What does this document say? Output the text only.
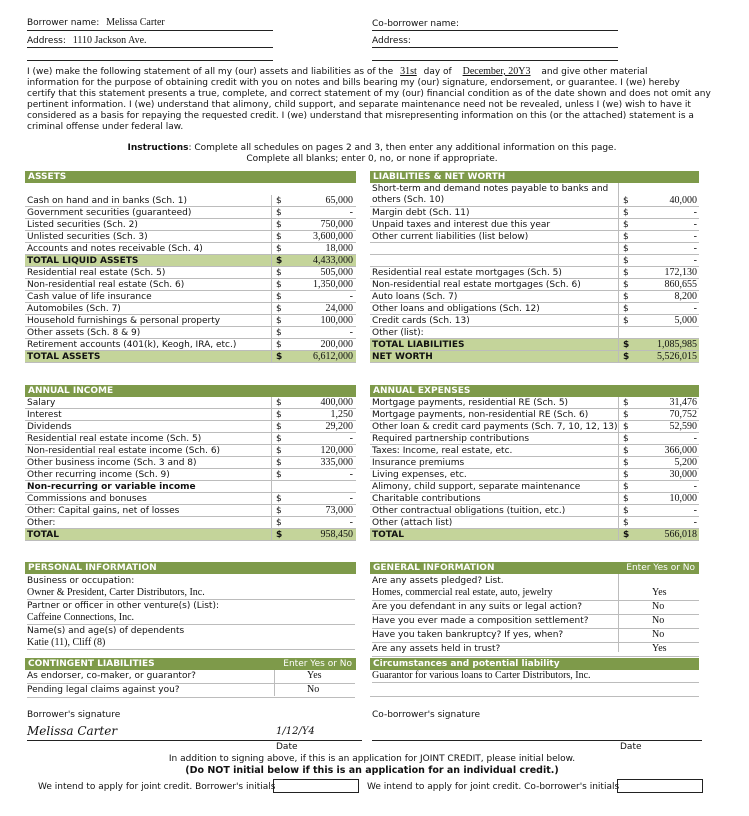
Borrower name: Melissa Carter
Address: 1110 Jackson Ave.
Co-borrower name:
Address:
I (we) make the following statement of all my (our) assets and liabilities as of the 31st day of December, 20Y3 and give other material
information for the purpose of obtaining credit with you on notes and bills bearing my (our) signature, endorsement, or guarantee. I (we) hereby
certify that this statement presents a true, complete, and correct statement of my (our) financial condition as of the date shown and does not omit any
pertinent information. I (we) understand that alimony, child support, and separate maintenance need not be revealed, unless I (we) wish to have it
considered as a basis for repaying the requested credit. I (we) understand that misrepresenting information on this (or the attached) statement is a
criminal offense under federal law.
Instructions: Complete all schedules on pages 2 and 3, then enter any additional information on this page.
Complete all blanks; enter 0, no, or none if appropriate.
ASSETS	LIABILITIES & NET WORTH
Cash on hand and in banks (Sch. 1)	$	65,000
Government securities (guaranteed)	$	-
Listed securities (Sch. 2)	$	750,000
Unlisted securities (Sch. 3)	$	3,600,000
Accounts and notes receivable (Sch. 4)	$	18,000
TOTAL LIQUID ASSETS	$	4,433,000
Residential real estate (Sch. 5)	$	505,000
Non-residential real estate (Sch. 6)	$	1,350,000
Cash value of life insurance	$	-
Automobiles (Sch. 7)	$	24,000
Household furnishings & personal property	$	100,000
Other assets (Sch. 8 & 9)	$	-
Retirement accounts (401(k), Keogh, IRA, etc.)	$	200,000
TOTAL ASSETS	$	6,612,000
Short-term and demand notes payable to banks and others (Sch. 10)	$	40,000
Margin debt (Sch. 11)	$	-
Unpaid taxes and interest due this year	$	-
Other current liabilities (list below)	$	-
$	-
$	-
Residential real estate mortgages (Sch. 5)	$	172,130
Non-residential real estate mortgages (Sch. 6)	$	860,655
Auto loans (Sch. 7)	$	8,200
Other loans and obligations (Sch. 12)	$	-
Credit cards (Sch. 13)	$	5,000
Other (list):
TOTAL LIABILITIES	$	1,085,985
NET WORTH	$	5,526,015
ANNUAL INCOME	ANNUAL EXPENSES
Salary	$	400,000
Interest	$	1,250
Dividends	$	29,200
Residential real estate income (Sch. 5)	$	-
Non-residential real estate income (Sch. 6)	$	120,000
Other business income (Sch. 3 and 8)	$	335,000
Other recurring income (Sch. 9)	$	-
Non-recurring or variable income
Commissions and bonuses	$	-
Other: Capital gains, net of losses	$	73,000
Other:	$	-
TOTAL	$	958,450
Mortgage payments, residential RE (Sch. 5)	$	31,476
Mortgage payments, non-residential RE (Sch. 6)	$	70,752
Other loan & credit card payments (Sch. 7, 10, 12, 13) $	52,590
Required partnership contributions	$	-
Taxes: Income, real estate, etc.	$	366,000
Insurance premiums	$	5,200
Living expenses, etc.	$	30,000
Alimony, child support, separate maintenance	$	-
Charitable contributions	$	10,000
Other contractual obligations (tuition, etc.)	$	-
Other (attach list)	$	-
TOTAL	$	566,018
PERSONAL INFORMATION
Business or occupation:
Owner & President, Carter Distributors, Inc.
Partner or officer in other venture(s) (List):
Caffeine Connections, Inc.
Name(s) and age(s) of dependents
Katie (11), Cliff (8)
GENERAL INFORMATION	Enter Yes or No
Are any assets pledged? List.
Homes, commercial real estate, auto, jewelry	Yes
Are you defendant in any suits or legal action?	No
Have you ever made a composition settlement?	No
Have you taken bankruptcy? If yes, when?	No
Are any assets held in trust?	Yes
CONTINGENT LIABILITIES	Enter Yes or No
As endorser, co-maker, or guarantor?	Yes
Pending legal claims against you?	No
Circumstances and potential liability
Guarantor for various loans to Carter Distributors, Inc.
Borrower's signature
Melissa Carter	1/12/Y4
Date
Co-borrower's signature
Date
In addition to signing above, if this is an application for JOINT CREDIT, please initial below.
(Do NOT initial below if this is an application for an individual credit.)
We intend to apply for joint credit. Borrower's initials	We intend to apply for joint credit. Co-borrower's initials
